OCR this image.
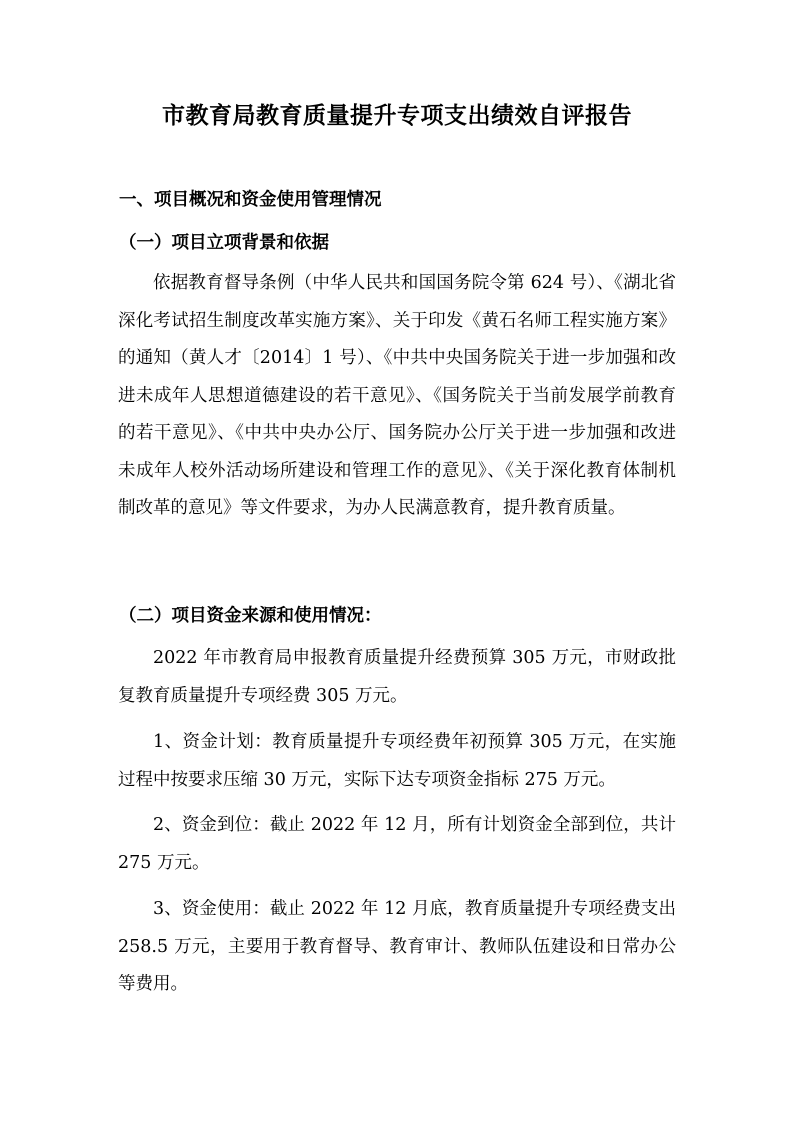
市教育局教育质量提升专项支出绩效自评报告
一、项目概况和资金使用管理情况
（一）项目立项背景和依据

依据教育督导条例（中华人民共和国国务院令第 624 号）、《湖北省深化考试招生制度改革实施方案》、关于印发《黄石名师工程实施方案》的通知（黄人才〔2014〕1 号）、《中共中央国务院关于进一步加强和改进未成年人思想道德建设的若干意见》、《国务院关于当前发展学前教育的若干意见》、《中共中央办公厅、国务院办公厅关于进一步加强和改进未成年人校外活动场所建设和管理工作的意见》、《关于深化教育体制机制改革的意见》等文件要求，为办人民满意教育，提升教育质量。

（二）项目资金来源和使用情况：

2022 年市教育局申报教育质量提升经费预算 305 万元，市财政批复教育质量提升专项经费 305 万元。

1、资金计划：教育质量提升专项经费年初预算 305 万元，在实施过程中按要求压缩 30 万元，实际下达专项资金指标 275 万元。

2、资金到位：截止 2022 年 12 月，所有计划资金全部到位，共计 275 万元。

3、资金使用：截止 2022 年 12 月底，教育质量提升专项经费支出 258.5 万元，主要用于教育督导、教育审计、教师队伍建设和日常办公等费用。
